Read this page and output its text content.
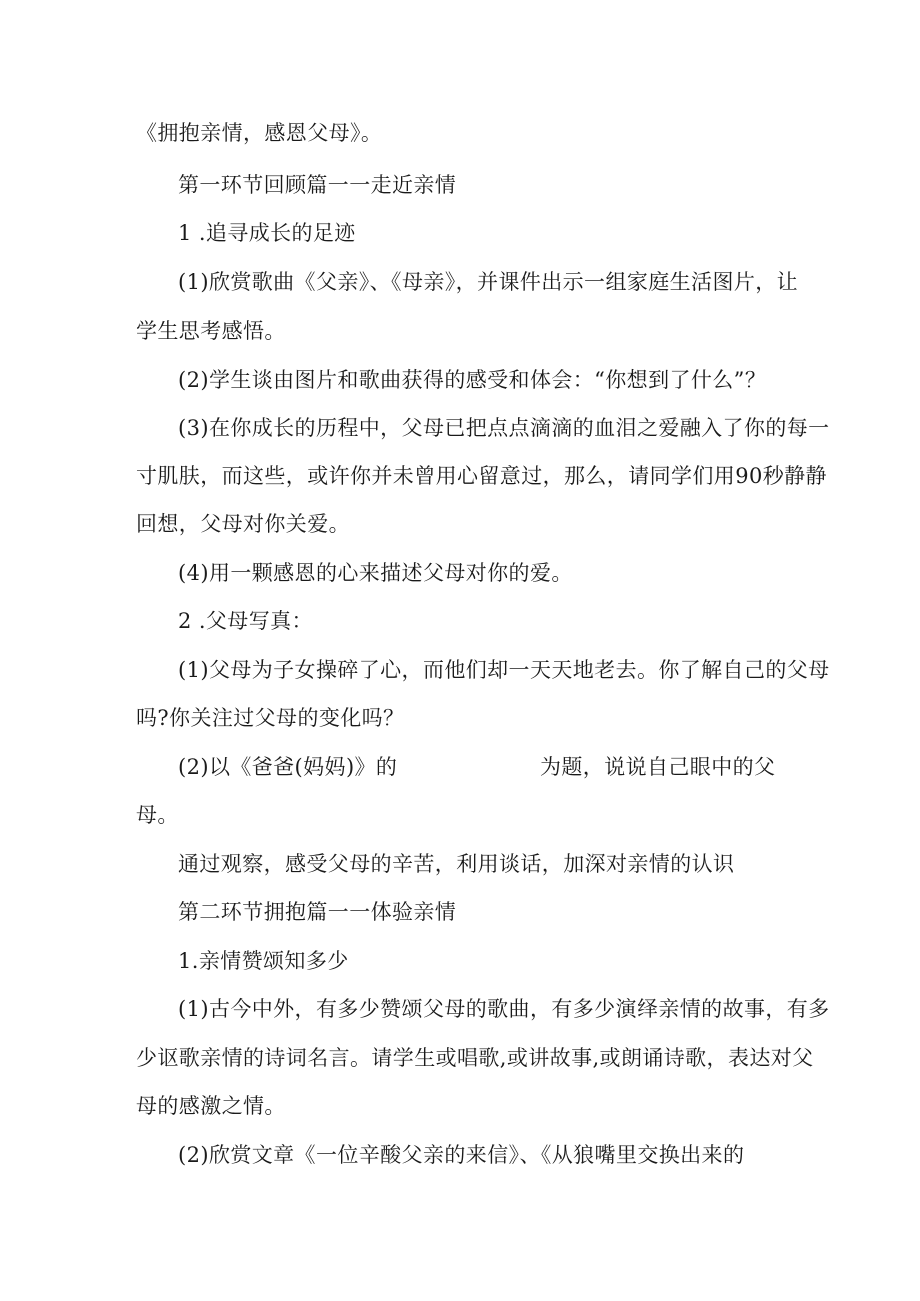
《拥抱亲情，感恩父母》。
第一环节回顾篇一一走近亲情
1 .追寻成长的足迹
(1)欣赏歌曲《父亲》、《母亲》，并课件出示一组家庭生活图片，让
学生思考感悟。
(2)学生谈由图片和歌曲获得的感受和体会：“你想到了什么”？
(3)在你成长的历程中，父母已把点点滴滴的血泪之爱融入了你的每一
寸肌肤，而这些，或许你并未曾用心留意过，那么，请同学们用90秒静静
回想，父母对你关爱。
(4)用一颗感恩的心来描述父母对你的爱。
2 .父母写真：
(1)父母为子女操碎了心，而他们却一天天地老去。你了解自己的父母
吗?你关注过父母的变化吗？
(2)以《爸爸(妈妈)》的	为题，说说自己眼中的父
母。
通过观察，感受父母的辛苦，利用谈话，加深对亲情的认识
第二环节拥抱篇一一体验亲情
1.亲情赞颂知多少
(1)古今中外，有多少赞颂父母的歌曲，有多少演绎亲情的故事，有多
少讴歌亲情的诗词名言。请学生或唱歌,或讲故事,或朗诵诗歌，表达对父
母的感激之情。
(2)欣赏文章《一位辛酸父亲的来信》、《从狼嘴里交换出来的
